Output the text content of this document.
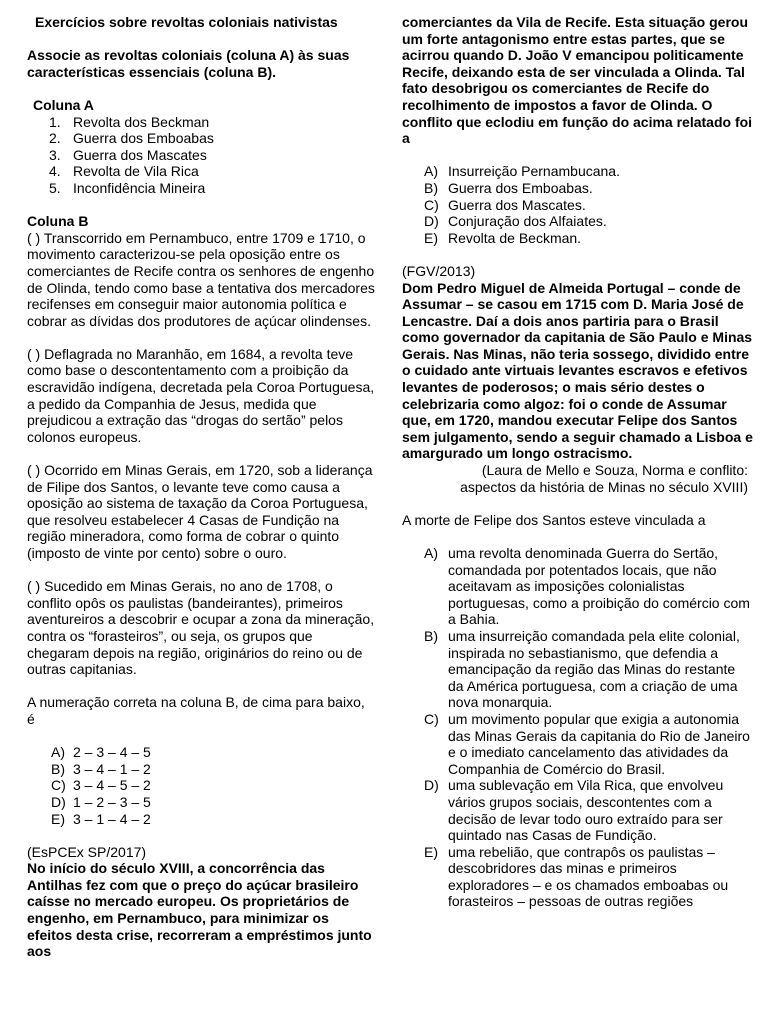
Exercícios sobre revoltas coloniais nativistas

Associe as revoltas coloniais (coluna A) às suas características essenciais (coluna B).

Coluna A

1. Revolta dos Beckman
2. Guerra dos Emboabas
3. Guerra dos Mascates
4. Revolta de Vila Rica
5. Inconfidência Mineira

Coluna B

( ) Transcorrido em Pernambuco, entre 1709 e 1710, o movimento caracterizou-se pela oposição entre os comerciantes de Recife contra os senhores de engenho de Olinda, tendo como base a tentativa dos mercadores recifenses em conseguir maior autonomia política e cobrar as dívidas dos produtores de açúcar olindenses.

( ) Deflagrada no Maranhão, em 1684, a revolta teve como base o descontentamento com a proibição da escravidão indígena, decretada pela Coroa Portuguesa, a pedido da Companhia de Jesus, medida que prejudicou a extração das “drogas do sertão” pelos colonos europeus.

( ) Ocorrido em Minas Gerais, em 1720, sob a liderança de Filipe dos Santos, o levante teve como causa a oposição ao sistema de taxação da Coroa Portuguesa, que resolveu estabelecer 4 Casas de Fundição na região mineradora, como forma de cobrar o quinto (imposto de vinte por cento) sobre o ouro.

( ) Sucedido em Minas Gerais, no ano de 1708, o conflito opôs os paulistas (bandeirantes), primeiros aventureiros a descobrir e ocupar a zona da mineração, contra os “forasteiros”, ou seja, os grupos que chegaram depois na região, originários do reino ou de outras capitanias.

A numeração correta na coluna B, de cima para baixo, é

A) 2 – 3 – 4 – 5
B) 3 – 4 – 1 – 2
C) 3 – 4 – 5 – 2
D) 1 – 2 – 3 – 5
E) 3 – 1 – 4 – 2

(EsPCEx SP/2017)

No início do século XVIII, a concorrência das Antilhas fez com que o preço do açúcar brasileiro caísse no mercado europeu. Os proprietários de engenho, em Pernambuco, para minimizar os efeitos desta crise, recorreram a empréstimos junto aos

comerciantes da Vila de Recife. Esta situação gerou um forte antagonismo entre estas partes, que se acirrou quando D. João V emancipou politicamente Recife, deixando esta de ser vinculada a Olinda. Tal fato desobrigou os comerciantes de Recife do recolhimento de impostos a favor de Olinda. O conflito que eclodiu em função do acima relatado foi a

A) Insurreição Pernambucana.
B) Guerra dos Emboabas.
C) Guerra dos Mascates.
D) Conjuração dos Alfaiates.
E) Revolta de Beckman.

(FGV/2013)

Dom Pedro Miguel de Almeida Portugal – conde de Assumar – se casou em 1715 com D. Maria José de Lencastre. Daí a dois anos partiria para o Brasil como governador da capitania de São Paulo e Minas Gerais. Nas Minas, não teria sossego, dividido entre o cuidado ante virtuais levantes escravos e efetivos levantes de poderosos; o mais sério destes o celebrizaria como algoz: foi o conde de Assumar que, em 1720, mandou executar Felipe dos Santos sem julgamento, sendo a seguir chamado a Lisboa e amargurado um longo ostracismo.

(Laura de Mello e Souza, Norma e conflito:

aspectos da história de Minas no século XVIII)

A morte de Felipe dos Santos esteve vinculada a

A) uma revolta denominada Guerra do Sertão, comandada por potentados locais, que não aceitavam as imposições colonialistas portuguesas, como a proibição do comércio com a Bahia.
B) uma insurreição comandada pela elite colonial, inspirada no sebastianismo, que defendia a emancipação da região das Minas do restante da América portuguesa, com a criação de uma nova monarquia.
C) um movimento popular que exigia a autonomia das Minas Gerais da capitania do Rio de Janeiro e o imediato cancelamento das atividades da Companhia de Comércio do Brasil.
D) uma sublevação em Vila Rica, que envolveu vários grupos sociais, descontentes com a decisão de levar todo ouro extraído para ser quintado nas Casas de Fundição.
E) uma rebelião, que contrapôs os paulistas – descobridores das minas e primeiros exploradores – e os chamados emboabas ou forasteiros – pessoas de outras regiões
